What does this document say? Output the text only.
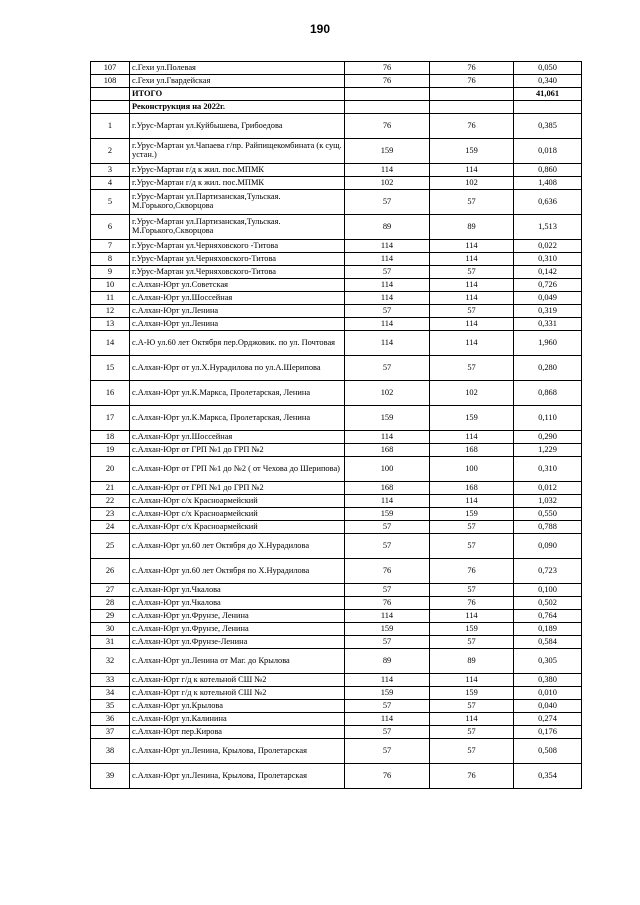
190
107	с.Гехи ул.Полевая	76	76	0,050
108	с.Гехи ул.Гвардейская	76	76	0,340
	ИТОГО			41,061
	Реконструкция на 2022г.			
1	г.Урус-Мартан ул.Куйбышева, Грибоедова	76	76	0,385
2	г.Урус-Мартан ул.Чапаева г/пр. Райпищекомбината (к сущ. устан.)	159	159	0,018
3	г.Урус-Мартан г/д к жил. пос.МПМК	114	114	0,860
4	г.Урус-Мартан г/д к жил. пос.МПМК	102	102	1,408
5	г.Урус-Мартан ул.Партизанская,Тульская. М.Горького,Скворцова	57	57	0,636
6	г.Урус-Мартан ул.Партизанская,Тульская. М.Горького,Скворцова	89	89	1,513
7	г.Урус-Мартан ул.Черняховского -Титова	114	114	0,022
8	г.Урус-Мартан ул.Черняховского-Титова	114	114	0,310
9	г.Урус-Мартан ул.Черняховского-Титова	57	57	0,142
10	с.Алхан-Юрт ул.Советская	114	114	0,726
11	с.Алхан-Юрт ул.Шоссейная	114	114	0,049
12	с.Алхан-Юрт ул.Ленина	57	57	0,319
13	с.Алхан-Юрт ул.Ленина	114	114	0,331
14	с.А-Ю ул.60 лет Октября пер.Орджовик. по ул. Почтовая	114	114	1,960
15	с.Алхан-Юрт от ул.Х.Нурадилова по ул.А.Шерипова	57	57	0,280
16	с.Алхан-Юрт ул.К.Маркса, Пролетарская, Ленина	102	102	0,868
17	с.Алхан-Юрт ул.К.Маркса, Пролетарская, Ленина	159	159	0,110
18	с.Алхан-Юрт ул.Шоссейная	114	114	0,290
19	с.Алхан-Юрт от ГРП №1 до ГРП №2	168	168	1,229
20	с.Алхан-Юрт от ГРП №1 до №2 ( от Чехова до Шерипова)	100	100	0,310
21	с.Алхан-Юрт от ГРП №1 до ГРП №2	168	168	0,012
22	с.Алхан-Юрт с/х Красноармейский	114	114	1,032
23	с.Алхан-Юрт с/х Красноармейский	159	159	0,550
24	с.Алхан-Юрт с/х Красноармейский	57	57	0,788
25	с.Алхан-Юрт ул.60 лет Октября до Х.Нурадилова	57	57	0,090
26	с.Алхан-Юрт ул.60 лет Октября по Х.Нурадилова	76	76	0,723
27	с.Алхан-Юрт ул.Чкалова	57	57	0,100
28	с.Алхан-Юрт ул.Чкалова	76	76	0,502
29	с.Алхан-Юрт ул.Фрунзе, Ленина	114	114	0,764
30	с.Алхан-Юрт ул.Фрунзе, Ленина	159	159	0,189
31	с.Алхан-Юрт ул.Фрунзе-Ленина	57	57	0,584
32	с.Алхан-Юрт ул.Ленина от Маг. до Крылова	89	89	0,305
33	с.Алхан-Юрт г/д к котельной СШ №2	114	114	0,380
34	с.Алхан-Юрт г/д к котельной СШ №2	159	159	0,010
35	с.Алхан-Юрт ул.Крылова	57	57	0,040
36	с.Алхан-Юрт ул.Калинина	114	114	0,274
37	с.Алхан-Юрт пер.Кирова	57	57	0,176
38	с.Алхан-Юрт ул.Ленина, Крылова, Пролетарская	57	57	0,508
39	с.Алхан-Юрт ул.Ленина, Крылова, Пролетарская	76	76	0,354
